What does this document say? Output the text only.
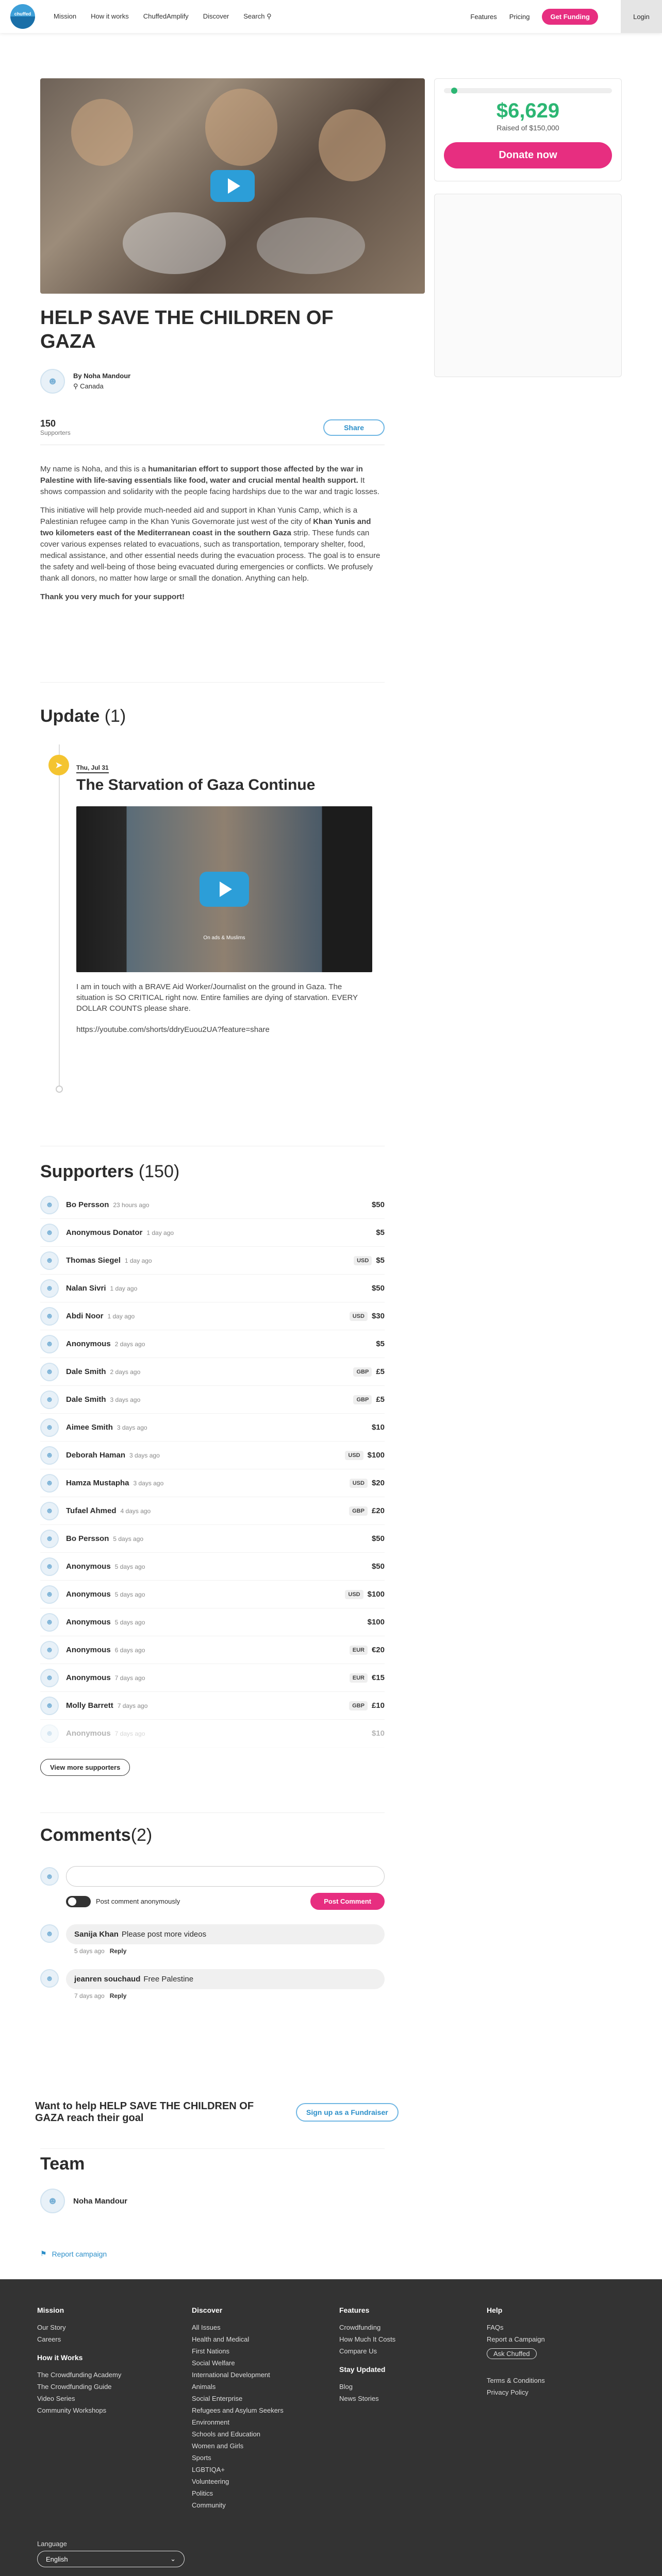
chuffed	Mission How it works ChuffedAmplify Discover Search ⚲	Features Pricing	Get Funding	Login
$6,629
Raised of $150,000
Donate now
HELP SAVE THE CHILDREN OF GAZA
☻	By Noha Mandour
⚲ Canada
150
Supporters
Share

My name is Noha, and this is a humanitarian effort to support those affected by the war in Palestine with life-saving essentials like food, water and crucial mental health support. It shows compassion and solidarity with the people facing hardships due to the war and tragic losses.

This initiative will help provide much-needed aid and support in Khan Yunis Camp, which is a Palestinian refugee camp in the Khan Yunis Governorate just west of the city of Khan Yunis and two kilometers east of the Mediterranean coast in the southern Gaza strip. These funds can cover various expenses related to evacuations, such as transportation, temporary shelter, food, medical assistance, and other essential needs during the evacuation process. The goal is to ensure the safety and well-being of those being evacuated during emergencies or conflicts. We profusely thank all donors, no matter how large or small the donation. Anything can help.

Thank you very much for your support!

Update (1)
➤	Thu, Jul 31
The Starvation of Gaza Continue
On ads & Muslims

I am in touch with a BRAVE Aid Worker/Journalist on the ground in Gaza. The situation is SO CRITICAL right now. Entire families are dying of starvation. EVERY DOLLAR COUNTS please share.

https://youtube.com/shorts/ddryEuou2UA?feature=share

Supporters (150)
☻	Bo Persson 23 hours ago	$50
☻	Anonymous Donator 1 day ago	$5
☻	Thomas Siegel 1 day ago	USD $5
☻	Nalan Sivri 1 day ago	$50
☻	Abdi Noor 1 day ago	USD $30
☻	Anonymous 2 days ago	$5
☻	Dale Smith 2 days ago	GBP £5
☻	Dale Smith 3 days ago	GBP £5
☻	Aimee Smith 3 days ago	$10
☻	Deborah Haman 3 days ago	USD $100
☻	Hamza Mustapha 3 days ago	USD $20
☻	Tufael Ahmed 4 days ago	GBP £20
☻	Bo Persson 5 days ago	$50
☻	Anonymous 5 days ago	$50
☻	Anonymous 5 days ago	USD $100
☻	Anonymous 5 days ago	$100
☻	Anonymous 6 days ago	EUR €20
☻	Anonymous 7 days ago	EUR €15
☻	Molly Barrett 7 days ago	GBP £10
☻	Anonymous 7 days ago	$10
View more supporters
Comments(2)
☻
Post comment anonymously	Post Comment
☻	Sanija Khan Please post more videos
5 days ago Reply
☻	jeanren souchaud Free Palestine
7 days ago Reply
Want to help HELP SAVE THE CHILDREN OF GAZA reach their goal	Sign up as a Fundraiser
Team
☻	Noha Mandour
⚑ Report campaign
Mission
Our Story
Careers
How it Works
The Crowdfunding Academy
The Crowdfunding Guide
Video Series
Community Workshops
Discover
All Issues
Health and Medical
First Nations
Social Welfare
International Development
Animals
Social Enterprise
Refugees and Asylum Seekers
Environment
Schools and Education
Women and Girls
Sports
LGBTIQA+
Volunteering
Politics
Community
Features
Crowdfunding
How Much It Costs
Compare Us
Stay Updated
Blog
News Stories
Help
FAQs
Report a Campaign
Ask Chuffed
Terms & Conditions
Privacy Policy
Language
English	⌄
